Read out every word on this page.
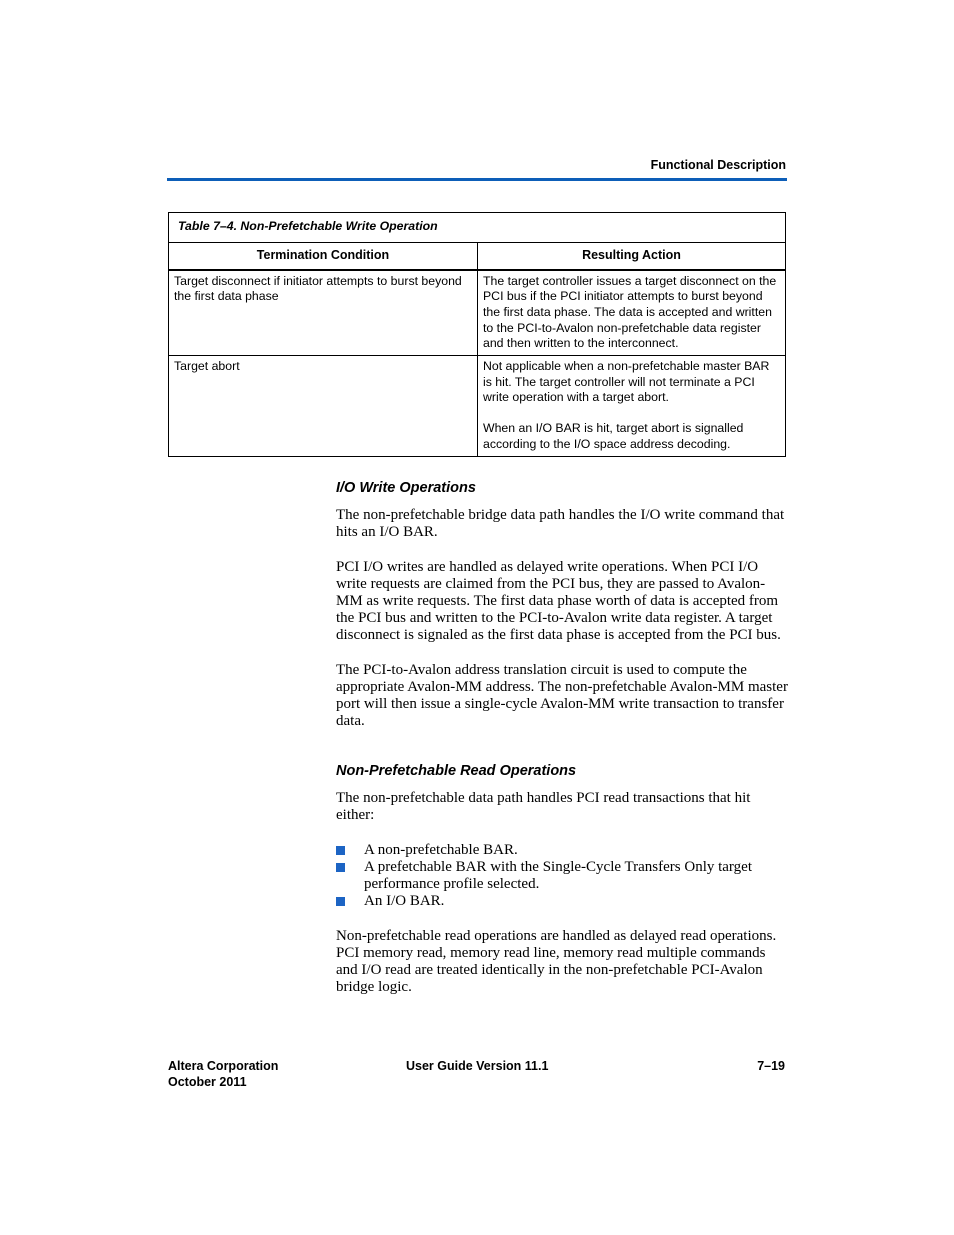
Functional Description
Table 7–4. Non-Prefetchable Write Operation	
Termination Condition	Resulting Action
Target disconnect if initiator attempts to burst beyond the first data phase	The target controller issues a target disconnect on the PCI bus if the PCI initiator attempts to burst beyond the first data phase. The data is accepted and written to the PCI-to-Avalon non-prefetchable data register and then written to the interconnect.

Target abort	Not applicable when a non-prefetchable master BAR is hit. The target controller will not terminate a PCI write operation with a target abort.
When an I/O BAR is hit, target abort is signalled according to the I/O space address decoding.
I/O Write Operations

The non-prefetchable bridge data path handles the I/O write command that hits an I/O BAR.

PCI I/O writes are handled as delayed write operations. When PCI I/O write requests are claimed from the PCI bus, they are passed to Avalon-MM as write requests. The first data phase worth of data is accepted from the PCI bus and written to the PCI-to-Avalon write data register. A target disconnect is signaled as the first data phase is accepted from the PCI bus.

The PCI-to-Avalon address translation circuit is used to compute the appropriate Avalon-MM address. The non-prefetchable Avalon-MM master port will then issue a single-cycle Avalon-MM write transaction to transfer data.

Non-Prefetchable Read Operations

The non-prefetchable data path handles PCI read transactions that hit either:

A non-prefetchable BAR.
A prefetchable BAR with the Single-Cycle Transfers Only target performance profile selected.
An I/O BAR.

Non-prefetchable read operations are handled as delayed read operations. PCI memory read, memory read line, memory read multiple commands and I/O read are treated identically in the non-prefetchable PCI-Avalon bridge logic.

Altera Corporation
October 2011
User Guide Version 11.1	7–19
